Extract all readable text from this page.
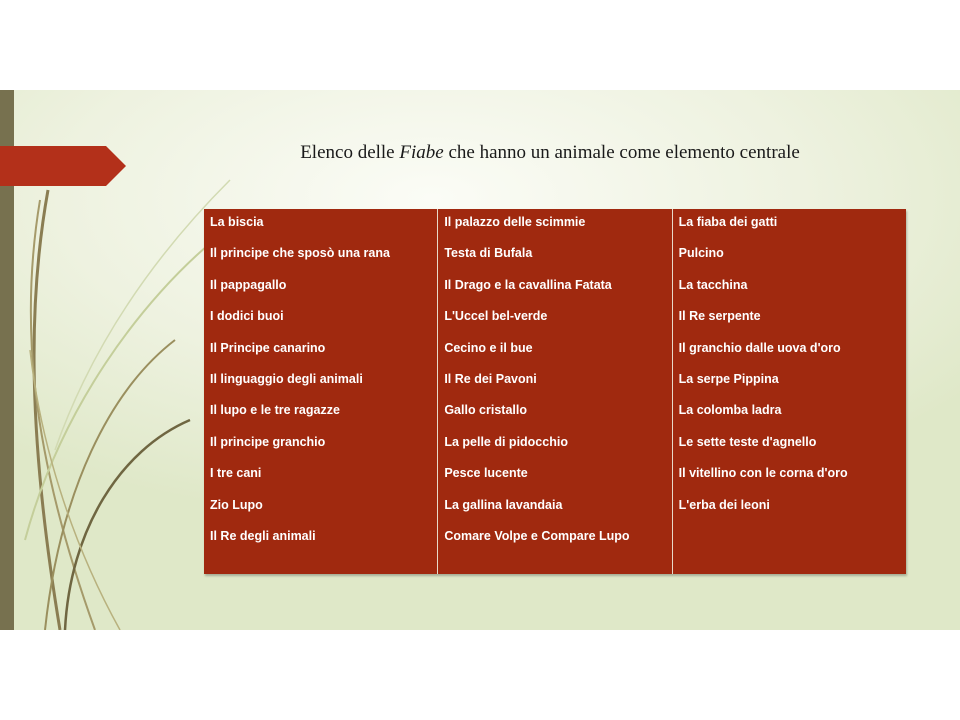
Elenco delle Fiabe che hanno un animale come elemento centrale
La biscia
Il principe che sposò una rana
Il pappagallo
I dodici buoi
Il Principe canarino
Il linguaggio degli animali
Il lupo e le tre ragazze
Il principe granchio
I tre cani
Zio Lupo
Il Re degli animali
Il palazzo delle scimmie
Testa di Bufala
Il Drago e la cavallina Fatata
L'Uccel bel-verde
Cecino e il bue
Il Re dei Pavoni
Gallo cristallo
La pelle di pidocchio
Pesce lucente
La gallina lavandaia
Comare Volpe e Compare Lupo
La fiaba dei gatti
Pulcino
La tacchina
Il Re serpente
Il granchio dalle uova d'oro
La serpe Pippina
La colomba ladra
Le sette teste d'agnello
Il vitellino con le corna d'oro
L'erba dei leoni
